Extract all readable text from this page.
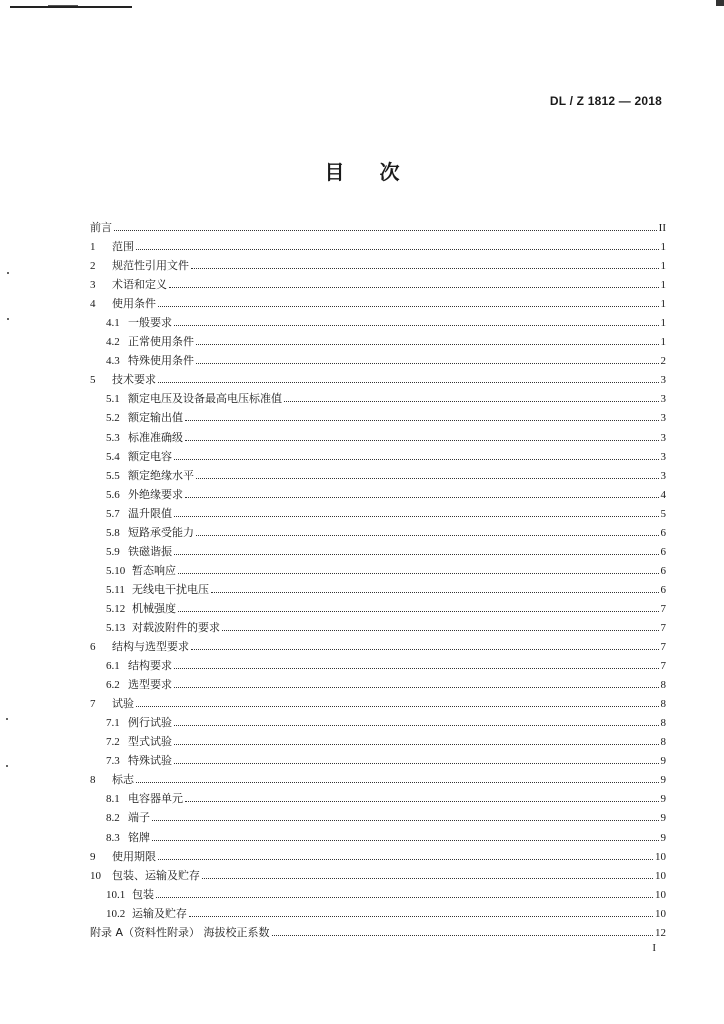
DL / Z 1812 — 2018
目 次
前言	II
1	范围	1
2	规范性引用文件	1
3	术语和定义	1
4	使用条件	1
4.1 一般要求	1
4.2 正常使用条件	1
4.3 特殊使用条件	2
5	技术要求	3
5.1 额定电压及设备最高电压标准值	3
5.2 额定输出值	3
5.3 标准准确级	3
5.4 额定电容	3
5.5 额定绝缘水平	3
5.6 外绝缘要求	4
5.7 温升限值	5
5.8 短路承受能力	6
5.9 铁磁谐振	6
5.10 暂态响应	6
5.11 无线电干扰电压	6
5.12 机械强度	7
5.13 对载波附件的要求	7
6	结构与选型要求	7
6.1 结构要求	7
6.2 选型要求	8
7	试验	8
7.1 例行试验	8
7.2 型式试验	8
7.3 特殊试验	9
8	标志	9
8.1 电容器单元	9
8.2 端子	9
8.3 铭牌	9
9	使用期限	10
10	包装、运输及贮存	10
10.1 包装	10
10.2 运输及贮存	10
附录 A（资料性附录） 海拔校正系数	12
I
